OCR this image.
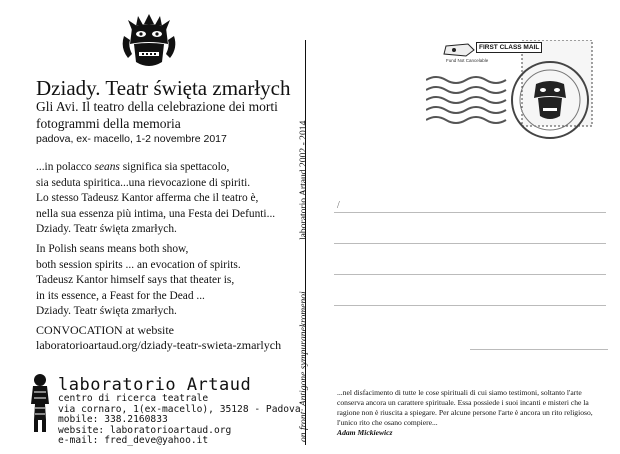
Dziady. Teatr święta zmarłych
Gli Avi. Il teatro della celebrazione dei morti
fotogrammi della memoria
padova, ex- macello, 1-2 novembre 2017
...in polacco seans significa sia spettacolo,
sia seduta spiritica...una rievocazione di spiriti.
Lo stesso Tadeusz Kantor afferma che il teatro è,
nella sua essenza più intima, una Festa dei Defunti...
Dziady. Teatr święta zmarłych.
In Polish seans means both show,
both session spirits ... an evocation of spirits.
Tadeusz Kantor himself says that theater is,
in its essence, a Feast for the Dead ...
Dziady. Teatr święta zmarłych.
CONVOCATION at website
laboratorioartaud.org/dziady-teatr-swieta-zmarlych
laboratorio Artaud
centro di ricerca teatrale
via cornaro, 1(ex-macello), 35128 - Padova
mobile: 338.2160833
website: laboratorioartaud.org
e-mail: fred_deve@yahoo.it
laboratorio Artaud 2002 - 2014
on front: Antigone sympuranekromenoi
FIRST CLASS MAIL
Fund Not Cancelable
/
...nel disfacimento di tutte le cose spirituali di cui siamo testimoni, soltanto l'arte conserva ancora un carattere spirituale. Essa possiede i suoi incanti e misteri che la ragione non è riuscita a spiegare. Per alcune persone l'arte è ancora un rito religioso, l'unico rito che osano compiere...
Adam Mickiewicz
